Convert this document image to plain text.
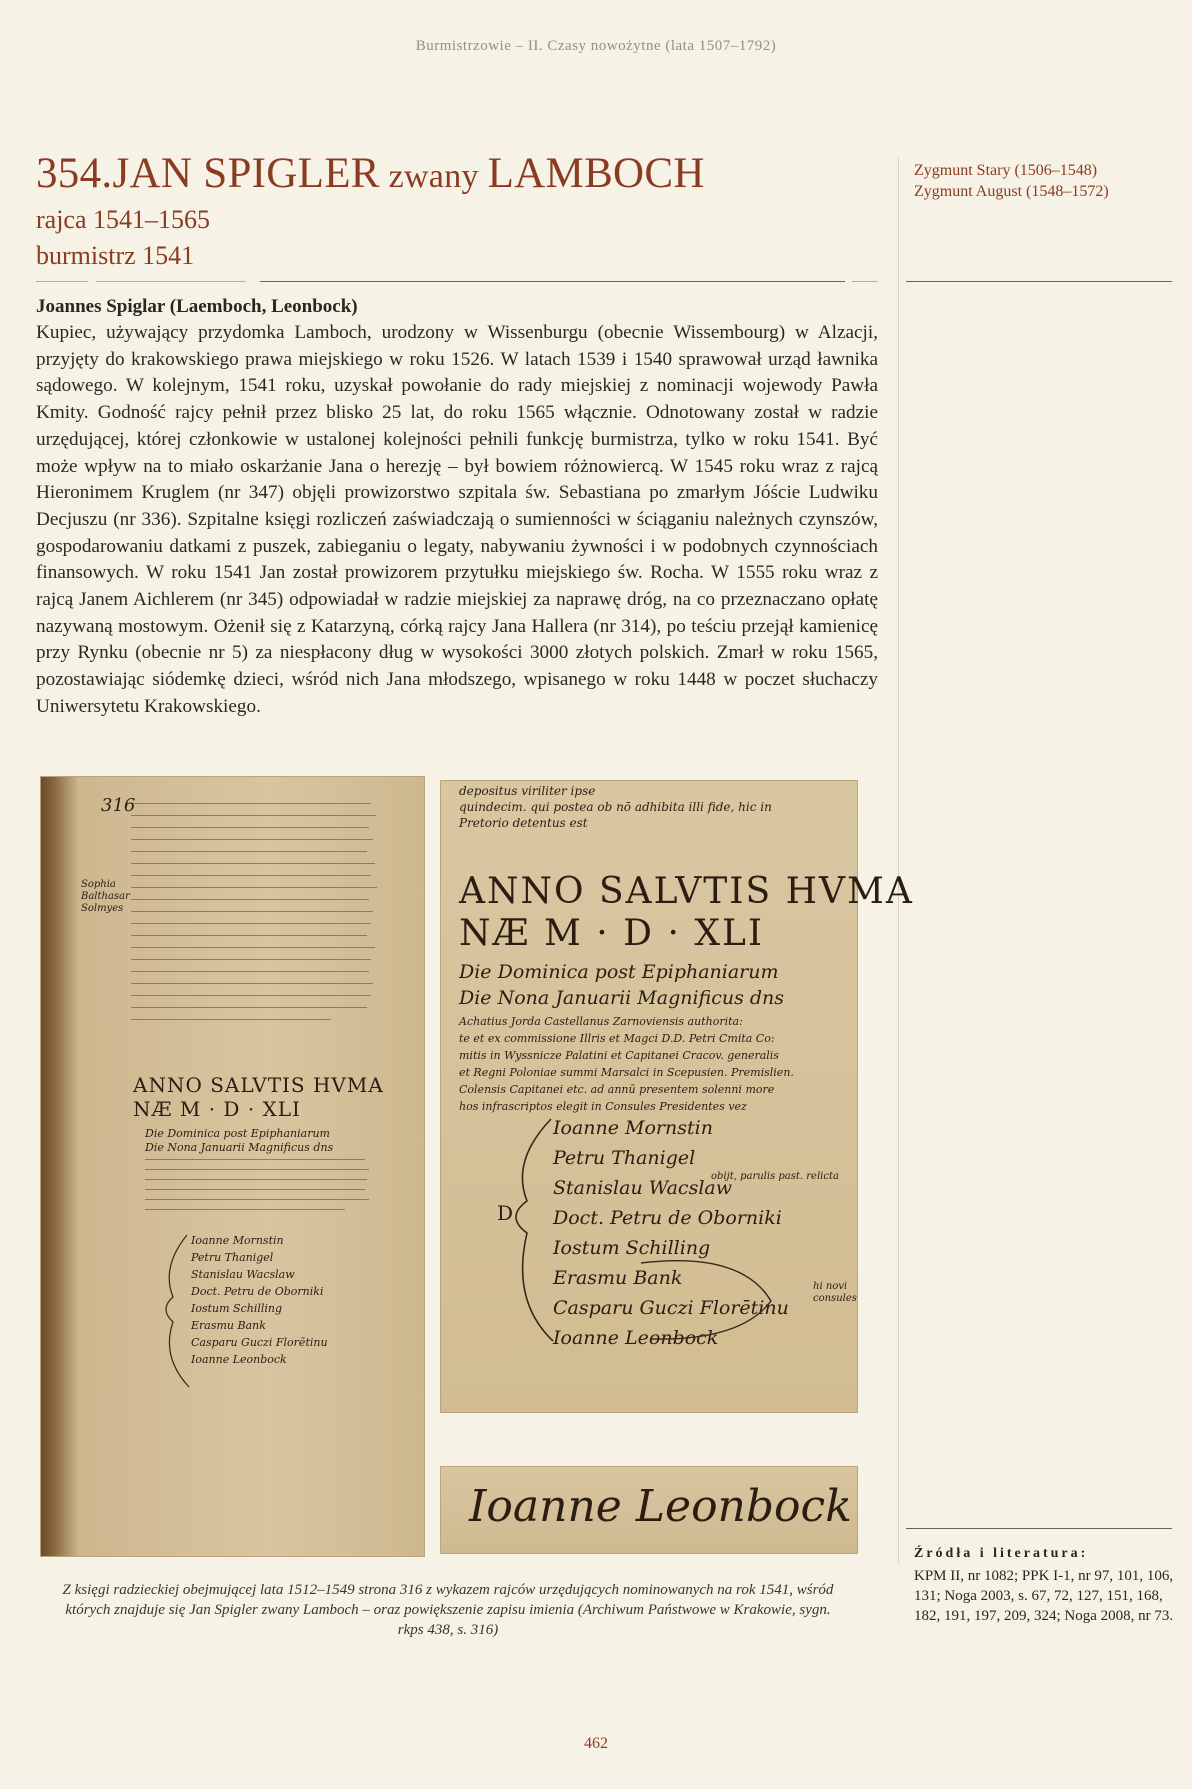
Burmistrzowie – II. Czasy nowożytne (lata 1507–1792)
354.JAN SPIGLER zwany LAMBOCH
rajca 1541–1565
burmistrz 1541
Zygmunt Stary (1506–1548)
Zygmunt August (1548–1572)
Joannes Spiglar (Laemboch, Leonbock)

Kupiec, używający przydomka Lamboch, urodzony w Wissenburgu (obecnie Wissembourg) w Alzacji, przyjęty do krakowskiego prawa miejskiego w roku 1526. W latach 1539 i 1540 sprawował urząd ławnika sądowego. W kolejnym, 1541 roku, uzyskał powołanie do rady miejskiej z nominacji wojewody Pawła Kmity. Godność rajcy pełnił przez blisko 25 lat, do roku 1565 włącznie. Odnotowany został w radzie urzędującej, której członkowie w ustalonej kolejności pełnili funkcję burmistrza, tylko w roku 1541. Być może wpływ na to miało oskarżanie Jana o herezję – był bowiem różnowiercą. W 1545 roku wraz z rajcą Hieronimem Kruglem (nr 347) objęli prowizorstwo szpitala św. Sebastiana po zmarłym Jóście Ludwiku Decjuszu (nr 336). Szpitalne księgi rozliczeń zaświadczają o sumienności w ściąganiu należnych czynszów, gospodarowaniu datkami z puszek, zabieganiu o legaty, nabywaniu żywności i w podobnych czynnościach finansowych. W roku 1541 Jan został prowizorem przytułku miejskiego św. Rocha. W 1555 roku wraz z rajcą Janem Aichlerem (nr 345) odpowiadał w radzie miejskiej za naprawę dróg, na co przeznaczano opłatę nazywaną mostowym. Ożenił się z Katarzyną, córką rajcy Jana Hallera (nr 314), po teściu przejął kamienicę przy Rynku (obecnie nr 5) za niespłacony dług w wysokości 3000 złotych polskich. Zmarł w roku 1565, pozostawiając siódemkę dzieci, wśród nich Jana młodszego, wpisanego w roku 1448 w poczet słuchaczy Uniwersytetu Krakowskiego.

316
Sophia Balthasar Solmyes
ANNO SALVTIS HVMA
NÆ M · D · XLI
Die Dominica post Epiphaniarum
Die Nona Januarii Magnificus dns
Ioanne Mornstin
Petru Thanigel
Stanislau Wacslaw
Doct. Petru de Oborniki
Iostum Schilling
Erasmu Bank
Casparu Guczi Florētinu
Ioanne Leonbock
depositus viriliter ipse
quindecim. qui postea ob nō adhibita illi fide, hic in
Pretorio detentus est
ANNO SALVTIS HVMA
NÆ M · D · XLI
Die Dominica post Epiphaniarum
Die Nona Januarii Magnificus dns
Achatius Jorda Castellanus Zarnoviensis authorita:
te et ex commissione Illris et Magci D.D. Petri Cmita Co:
mitis in Wyssnicze Palatini et Capitanei Cracov. generalis
et Regni Poloniae summi Marsalci in Scepusien. Premislien.
Colensis Capitanei etc. ad annū presentem solenni more
hos infrascriptos elegit in Consules Presidentes vez
Ioanne Mornstin
Petru Thanigel
Stanislau Wacslaw
Doct. Petru de Oborniki
Iostum Schilling
Erasmu Bank
Casparu Guczi Florētinu
Ioanne Leonbock
obijt, parulis past. relicta
hi novi consules
D
Ioanne Leonbock
Z księgi radzieckiej obejmującej lata 1512–1549 strona 316 z wykazem rajców urzędujących nominowanych na rok 1541, wśród których znajduje się Jan Spigler zwany Lamboch – oraz powiększenie zapisu imienia (Archiwum Państwowe w Krakowie, sygn. rkps 438, s. 316)
Źródła i literatura:
KPM II, nr 1082; PPK I-1, nr 97, 101, 106, 131; Noga 2003, s. 67, 72, 127, 151, 168, 182, 191, 197, 209, 324; Noga 2008, nr 73.
462
